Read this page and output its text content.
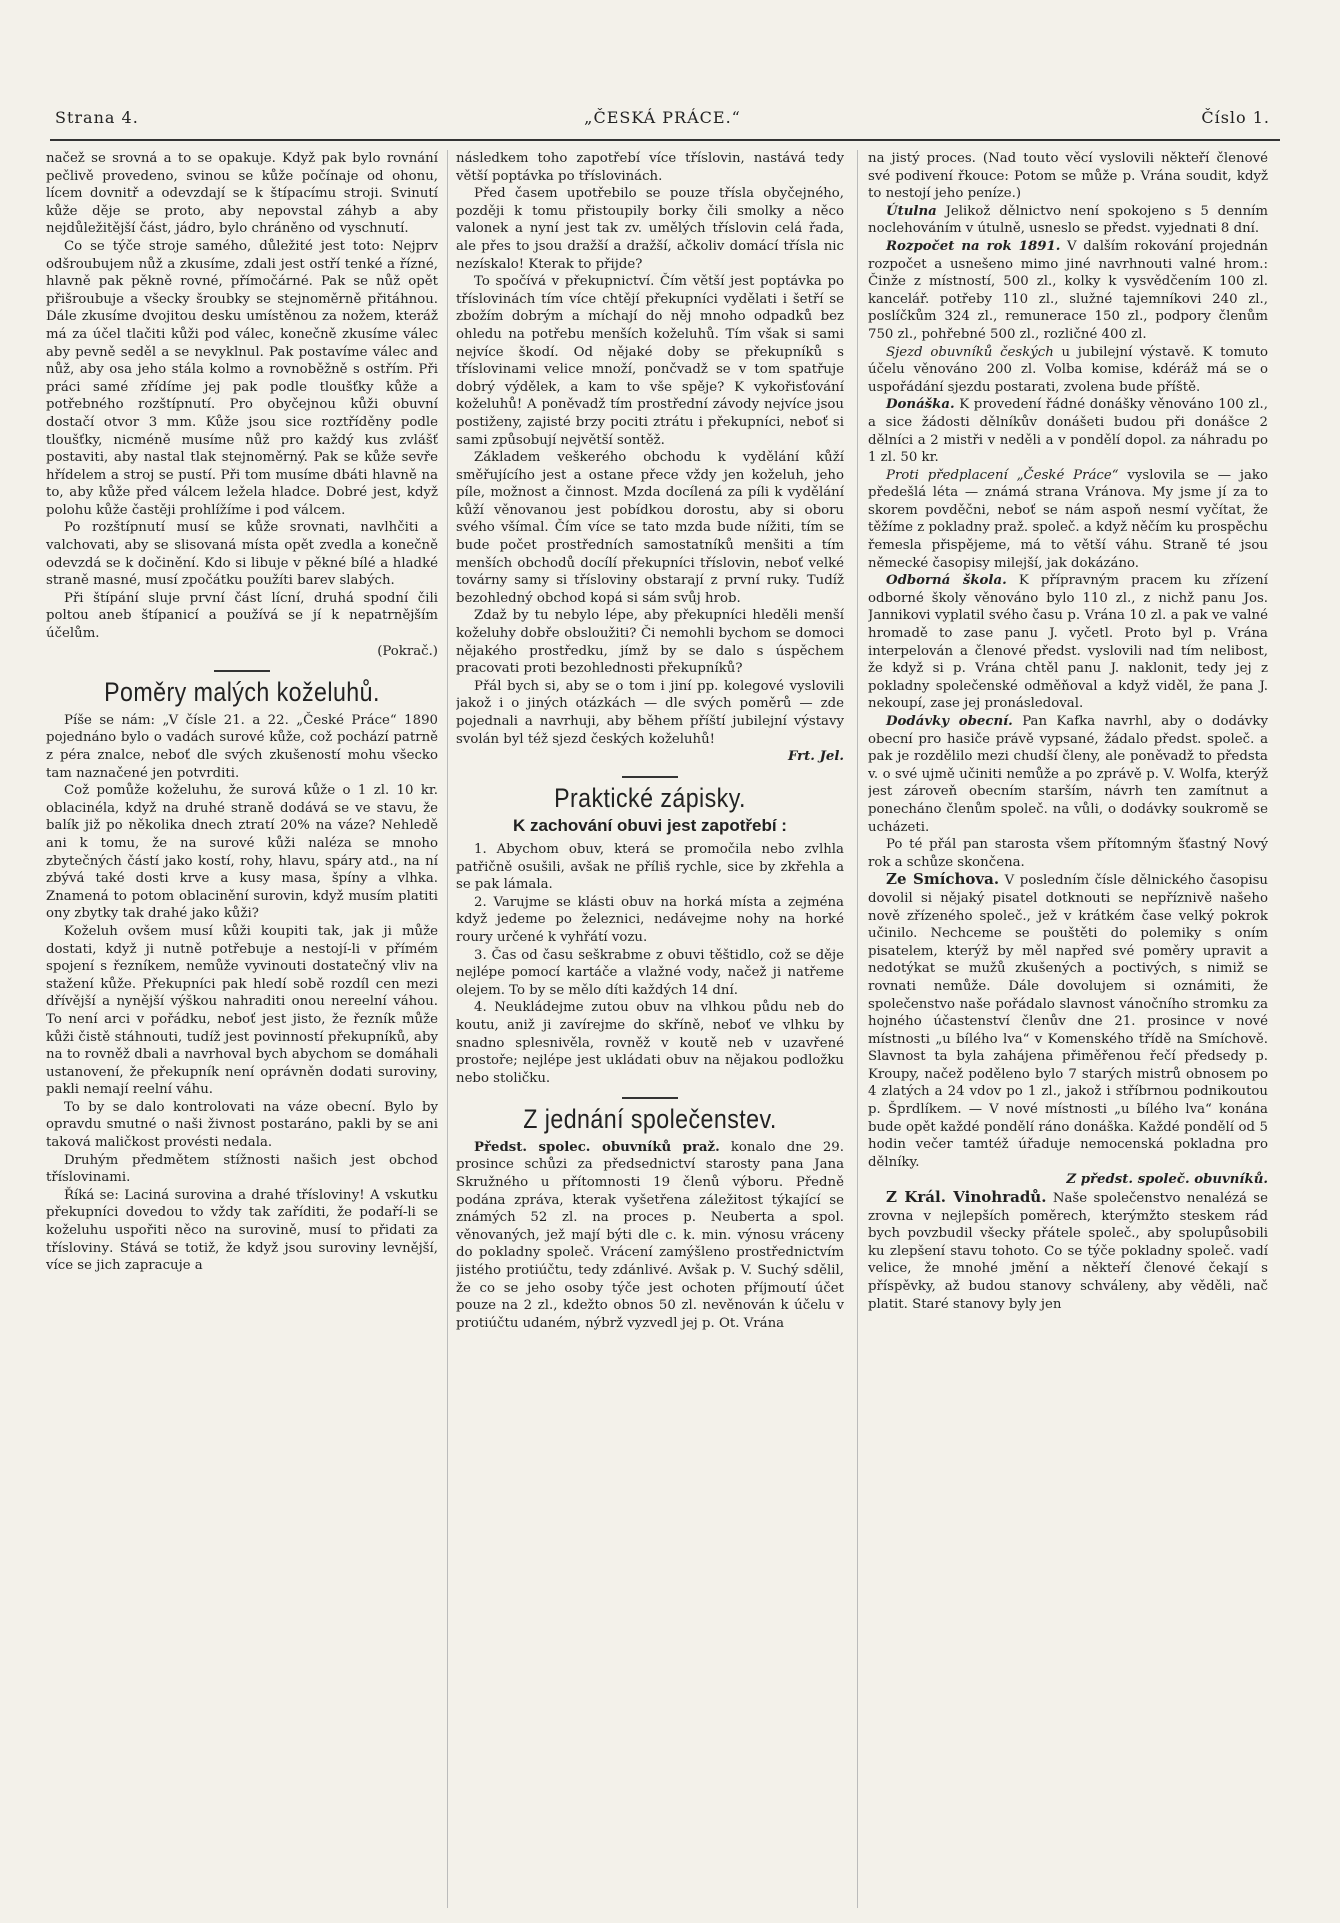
Strana 4.	„ČESKÁ PRÁCE.“	Číslo 1.

načež se srovná a to se opakuje. Když pak bylo rovnání pečlivě provedeno, svinou se kůže počínaje od ohonu, lícem dovnitř a odevzdají se k štípacímu stroji. Svinutí kůže děje se proto, aby nepovstal záhyb a aby nejdůležitější část, jádro, bylo chráněno od vyschnutí.

Co se týče stroje samého, důležité jest toto: Nejprv odšroubujem nůž a zkusíme, zdali jest ostří tenké a řízné, hlavně pak pěkně rovné, přímočárné. Pak se nůž opět přišroubuje a všecky šroubky se stejnoměrně přitáhnou. Dále zkusíme dvojitou desku umístěnou za nožem, kteráž má za účel tlačiti kůži pod válec, konečně zkusíme válec aby pevně seděl a se nevyklnul. Pak postavíme válec and nůž, aby osa jeho stála kolmo a rovnoběžně s ostřím. Při práci samé zřídíme jej pak podle tloušťky kůže a potřebného rozštípnutí. Pro obyčejnou kůži obuvní dostačí otvor 3 mm. Kůže jsou sice roztříděny podle tloušťky, nicméně musíme nůž pro každý kus zvlášť postaviti, aby nastal tlak stejnoměrný. Pak se kůže sevře hřídelem a stroj se pustí. Při tom musíme dbáti hlavně na to, aby kůže před válcem ležela hladce. Dobré jest, když polohu kůže častěji prohlížíme i pod válcem.

Po rozštípnutí musí se kůže srovnati, navlhčiti a valchovati, aby se slisovaná místa opět zvedla a konečně odevzdá se k dočinění. Kdo si libuje v pěkné bílé a hladké straně masné, musí zpočátku použíti barev slabých.

Při štípání sluje první část lícní, druhá spodní čili poltou aneb štípanicí a používá se jí k nepatrnějším účelům.

(Pokrač.)

Poměry malých koželuhů.

Píše se nám: „V čísle 21. a 22. „České Práce“ 1890 pojednáno bylo o vadách surové kůže, což pochází patrně z péra znalce, neboť dle svých zkušeností mohu všecko tam naznačené jen potvrditi.

Což pomůže koželuhu, že surová kůže o 1 zl. 10 kr. oblacinéla, když na druhé straně dodává se ve stavu, že balík již po několika dnech ztratí 20% na váze? Nehledě ani k tomu, že na surové kůži naléza se mnoho zbytečných částí jako kostí, rohy, hlavu, spáry atd., na ní zbývá také dosti krve a kusy masa, špíny a vlhka. Znamená to potom oblacinění surovin, když musím platiti ony zbytky tak drahé jako kůži?

Koželuh ovšem musí kůži koupiti tak, jak ji může dostati, když ji nutně potřebuje a nestojí-li v přímém spojení s řezníkem, nemůže vyvinouti dostatečný vliv na stažení kůže. Překupníci pak hledí sobě rozdíl cen mezi dřívější a nynější výškou nahraditi onou nereelní váhou. To není arci v pořádku, neboť jest jisto, že řezník může kůži čistě stáhnouti, tudíž jest povinností překupníků, aby na to rovněž dbali a navrhoval bych abychom se domáhali ustanovení, že překupník není oprávněn dodati suroviny, pakli nemají reelní váhu.

To by se dalo kontrolovati na váze obecní. Bylo by opravdu smutné o naši živnost postaráno, pakli by se ani taková maličkost provésti nedala.

Druhým předmětem stížnosti našich jest obchod tříslovinami.

Říká se: Laciná surovina a drahé tříslovinу! A vskutku překupníci dovedou to vždy tak zaříditi, že podaří-li se koželuhu uspořiti něco na surovině, musí to přidati za tříslovinу. Stává se totiž, že když jsou suroviny levnější, více se jich zapracuje a

následkem toho zapotřebí více tříslovin, nastává tedy větší poptávka po tříslovinách.

Před časem upotřebilo se pouze třísla obyčejného, později k tomu přistoupily borky čili smolky a něco valonek a nyní jest tak zv. umělých tříslovin celá řada, ale přes to jsou dražší a dražší, ačkoliv domácí třísla nic nezískalo! Kterak to přijde?

To spočívá v překupnictví. Čím větší jest poptávka po tříslovinách tím více chtějí překupníci vydělati i šetří se zbožím dobrým a míchají do něj mnoho odpadků bez ohledu na potřebu menších koželuhů. Tím však si sami nejvíce škodí. Od nějaké doby se překupníků s tříslovinami velice množí, pončvadž se v tom spatřuje dobrý výdělek, a kam to vše spěje? K vykořisťování koželuhů! A poněvadž tím prostřední závody nejvíce jsou postiženy, zajisté brzy pociti ztrátu i překupníci, neboť si sami způsobují největší sontěž.

Základem veškerého obchodu k vydělání kůží směřujícího jest a ostane přece vždy jen koželuh, jeho píle, možnost a činnost. Mzda docílená za píli k vydělání kůží věnovanou jest pobídkou dorostu, aby si oboru svého všímal. Čím více se tato mzda bude nížiti, tím se bude počet prostředních samostatníků menšiti a tím menších obchodů docílí překupníci tříslovin, neboť velké továrny samy si tříslovinу obstarají z první ruky. Tudíž bezohledný obchod kopá si sám svůj hrob.

Zdaž by tu nebylo lépe, aby překupníci hleděli menší koželuhy dobře obsloužiti? Či nemohli bychom se domoci nějakého prostředku, jímž by se dalo s úspěchem pracovati proti bezohlednosti překupníků?

Přál bych si, aby se o tom i jiní pp. kolegové vyslovili jakož i o jiných otázkách — dle svých poměrů — zde pojednali a navrhuji, aby během příští jubilejní výstavy svolán byl též sjezd českých koželuhů!

Frt. Jel.

Praktické zápisky.
K zachování obuvi jest zapotřebí :

1. Abychom obuv, která se promočila nebo zvlhla patřičně osušili, avšak ne příliš rychle, sice by zkřehla a se pak lámala.

2. Varujme se klásti obuv na horká místa a zejména když jedeme po železnici, nedávejme nohy na horké roury určené k vyhřátí vozu.

3. Čas od času seškrabme z obuvi těštidlo, což se děje nejlépe pomocí kartáče a vlažné vody, načež ji natřeme olejem. To by se mělo díti každých 14 dní.

4. Neukládejme zutou obuv na vlhkou půdu neb do koutu, aniž ji zavírejme do skříně, neboť ve vlhku by snadno splesnivěla, rovněž v koutě neb v uzavřené prostoře; nejlépe jest ukládati obuv na nějakou podložku nebo stoličku.

Z jednání společenstev.

Předst. spolec. obuvníků praž. konalo dne 29. prosince schůzi za předsednictví starosty pana Jana Skružného u přítomnosti 19 členů výboru. Předně podána zpráva, kterak vyšetřena záležitost týkající se známých 52 zl. na proces p. Neuberta a spol. věnovaných, jež mají býti dle c. k. min. výnosu vráceny do pokladny společ. Vrácení zamýšleno prostřednictvím jistého protiúčtu, tedy zdánlivé. Avšak p. V. Suchý sdělil, že co se jeho osoby týče jest ochoten příjmoutí účet pouze na 2 zl., kdežto obnos 50 zl. nevěnován k účelu v protiúčtu udaném, nýbrž vyzvedl jej p. Ot. Vrána

na jistý proces. (Nad touto věcí vyslovili někteří členové své podivení řkouce: Potom se může p. Vrána soudit, když to nestojí jeho peníze.)

Útulna Jelikož dělnictvo není spokojeno s 5 denním noclehováním v útulně, usneslo se předst. vyjednati 8 dní.

Rozpočet na rok 1891. V dalším rokování projednán rozpočet a usnešeno mimo jiné navrhnouti valné hrom.: Činže z místností, 500 zl., kolky k vysvědčením 100 zl. kancelář. potřeby 110 zl., služné tajemníkovi 240 zl., poslíčkům 324 zl., remunerace 150 zl., podpory členům 750 zl., pohřebné 500 zl., rozličné 400 zl.

Sjezd obuvníků českých u jubilejní výstavě. K tomuto účelu věnováno 200 zl. Volba komise, kdéráž má se o uspořádání sjezdu postarati, zvolena bude příště.

Donáška. K provedení řádné donášky věnováno 100 zl., a sice žádosti dělníkův donášeti budou při donášce 2 dělníci a 2 mistři v neděli a v pondělí dopol. za náhradu po 1 zl. 50 kr.

Proti předplacení „České Práce“ vyslovila se — jako předešlá léta — známá strana Vránova. My jsme jí za to skorem povděčni, neboť se nám aspoň nesmí vyčítat, že těžíme z pokladny praž. společ. a když něčím ku prospěchu řemesla přispějeme, má to větší váhu. Straně té jsou německé časopisy milejší, jak dokázáno.

Odborná škola. K přípravným pracem ku zřízení odborné školy věnováno bylo 110 zl., z nichž panu Jos. Jannikovi vyplatil svého času p. Vrána 10 zl. a pak ve valné hromadě to zase panu J. vyčetl. Proto byl p. Vrána interpelován a členové předst. vyslovili nad tím nelibost, že když si p. Vrána chtěl panu J. naklonit, tedy jej z pokladny společenské odměňoval a když viděl, že pana J. nekoupí, zase jej pronásledoval.

Dodávky obecní. Pan Kafka navrhl, aby o dodávky obecní pro hasiče právě vypsané, žádalo předst. společ. a pak je rozdělilo mezi chudší členy, ale poněvadž to předsta v. o své ujmě učiniti nemůže a po zprávě p. V. Wolfa, kterýž jest zároveň obecním starším, návrh ten zamítnut a ponecháno členům společ. na vůli, o dodávky soukromě se ucházeti.

Po té přál pan starosta všem přítomným šťastný Nový rok a schůze skončena.

Ze Smíchova. V posledním čísle dělnického časopisu dovolil si nějaký pisatel dotknouti se nepříznivě našeho nově zřízeného společ., jež v krátkém čase velký pokrok učinilo. Nechceme se pouštěti do polemiky s oním pisatelem, kterýž by měl napřed své poměry upravit a nedotýkat se mužů zkušených a poctivých, s nimiž se rovnati nemůže. Dále dovolujem si oznámiti, že společenstvo naše pořádalo slavnost vánočního stromku za hojného účastenství členův dne 21. prosince v nové místnosti „u bílého lva“ v Komenského třídě na Smíchově. Slavnost ta byla zahájena přiměřenou řečí předsedy p. Kroupy, načež poděleno bylo 7 starých mistrů obnosem po 4 zlatých a 24 vdov po 1 zl., jakož i stříbrnou podnikoutou p. Šprdlíkem. — V nové místnosti „u bílého lva“ konána bude opět každé pondělí ráno donáška. Každé pondělí od 5 hodin večer tamtéž úřaduje nemocenská pokladna pro dělníky.

Z předst. společ. obuvníků.

Z Král. Vinohradů. Naše společenstvo nenalézá se zrovna v nejlepších poměrech, kterýmžto steskem rád bych povzbudil všecky přátele společ., aby spolupůsobili ku zlepšení stavu tohoto. Co se týče pokladny společ. vadí velice, že mnohé jmění a někteří členové čekají s příspěvky, až budou stanovy schváleny, aby věděli, nač platit. Staré stanovy byly jen
